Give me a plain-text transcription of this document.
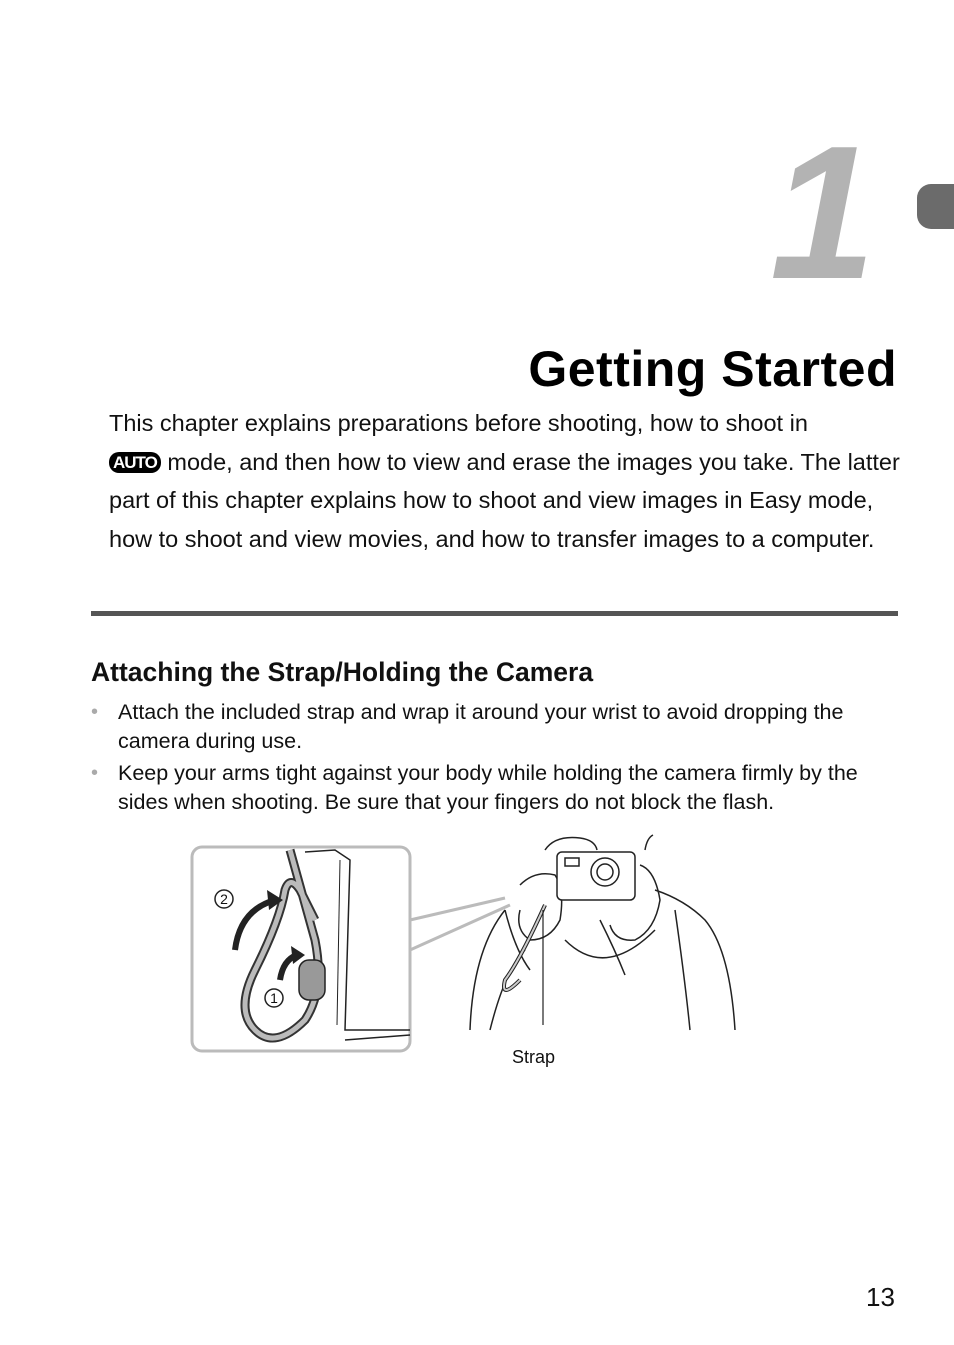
1
Getting Started
This chapter explains preparations before shooting, how to shoot in
AUTO mode, and then how to view and erase the images you take. The latter part of this chapter explains how to shoot and view images in Easy mode, how to shoot and view movies, and how to transfer images to a computer.
Attaching the Strap/Holding the Camera
• Attach the included strap and wrap it around your wrist to avoid dropping the camera during use.
• Keep your arms tight against your body while holding the camera firmly by the sides when shooting. Be sure that your fingers do not block the flash.
2
1
Strap
13
